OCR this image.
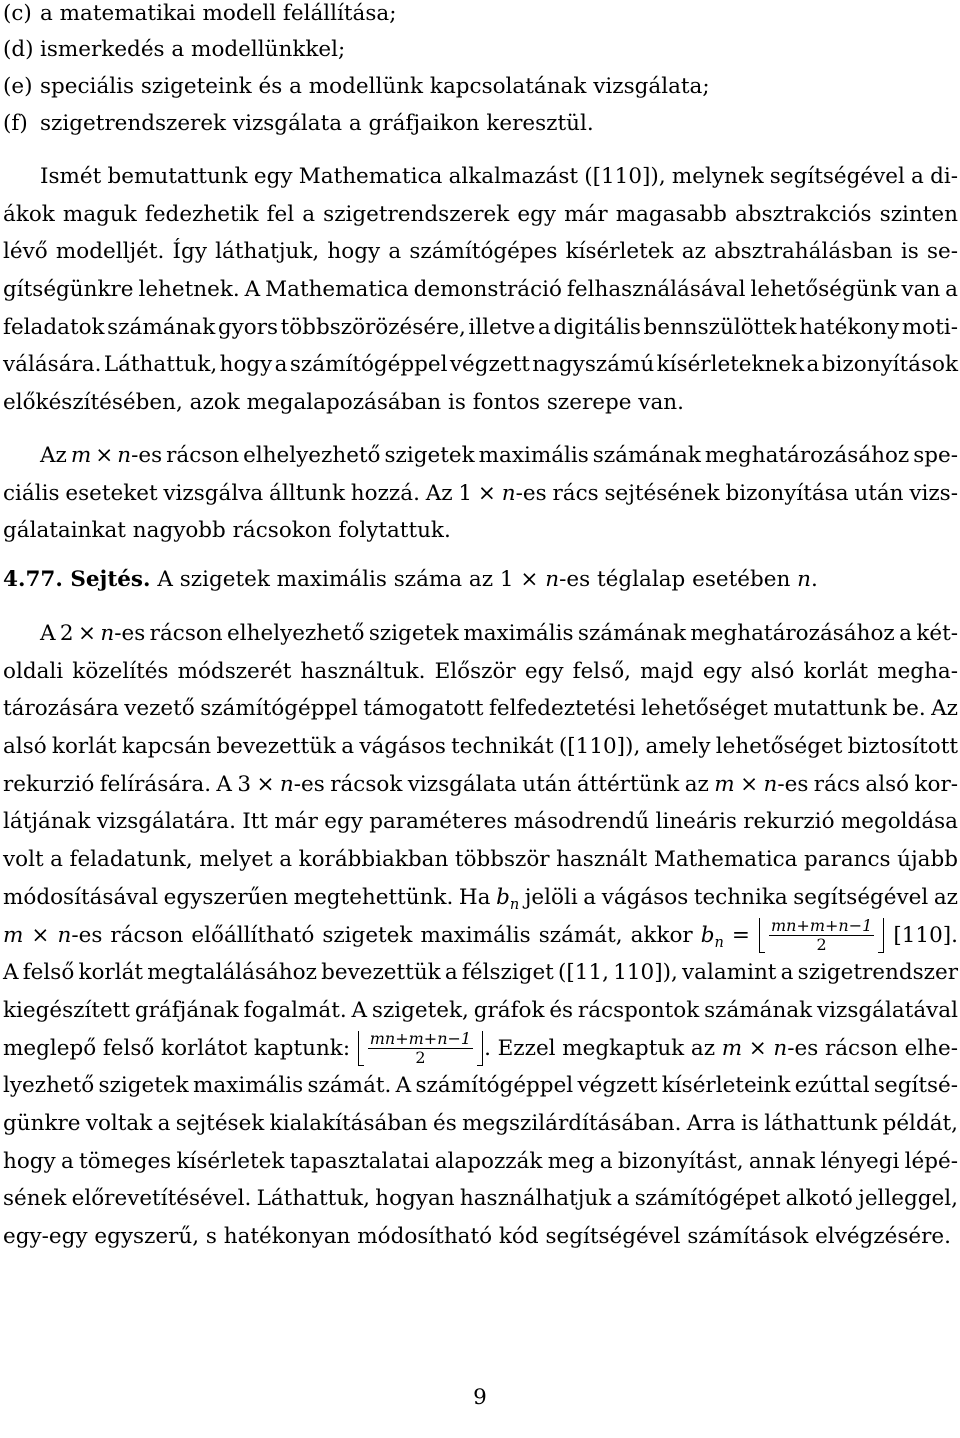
(c) a matematikai modell felállítása;
(d) ismerkedés a modellünkkel;
(e) speciális szigeteink és a modellünk kapcsolatának vizsgálata;
(f) szigetrendszerek vizsgálata a gráfjaikon keresztül.
Ismét bemutattunk egy Mathematica alkalmazást ([110]), melynek segítségével a di-
ákok maguk fedezhetik fel a szigetrendszerek egy már magasabb absztrakciós szinten
lévő modelljét. Így láthatjuk, hogy a számítógépes kísérletek az absztrahálásban is se-
gítségünkre lehetnek. A Mathematica demonstráció felhasználásával lehetőségünk van a
feladatok számának gyors többszörözésére, illetve a digitális bennszülöttek hatékony moti-
válására. Láthattuk, hogy a számítógéppel végzett nagyszámú kísérleteknek a bizonyítások
előkészítésében, azok megalapozásában is fontos szerepe van.
Az m × n-es rácson elhelyezhető szigetek maximális számának meghatározásához spe-
ciális eseteket vizsgálva álltunk hozzá. Az 1 × n-es rács sejtésének bizonyítása után vizs-
gálatainkat nagyobb rácsokon folytattuk.
4.77. Sejtés. A szigetek maximális száma az 1 × n-es téglalap esetében n.
A 2 × n-es rácson elhelyezhető szigetek maximális számának meghatározásához a két-
oldali közelítés módszerét használtuk. Először egy felső, majd egy alsó korlát megha-
tározására vezető számítógéppel támogatott felfedeztetési lehetőséget mutattunk be. Az
alsó korlát kapcsán bevezettük a vágásos technikát ([110]), amely lehetőséget biztosított
rekurzió felírására. A 3 × n-es rácsok vizsgálata után áttértünk az m × n-es rács alsó kor-
látjának vizsgálatára. Itt már egy paraméteres másodrendű lineáris rekurzió megoldása
volt a feladatunk, melyet a korábbiakban többször használt Mathematica parancs újabb
módosításával egyszerűen megtehettünk. Ha $b_n$ jelöli a vágásos technika segítségével az
m × n-es rácson előállítható szigetek maximális számát, akkor $b_n = \frac{mn+m+n-1}{2} [110]$.
A felső korlát megtalálásához bevezettük a félsziget ([11, 110]), valamint a szigetrendszer
kiegészített gráfjának fogalmát. A szigetek, gráfok és rácspontok számának vizsgálatával
meglepő felső korlátot kaptunk: $\frac{mn+m+n-1}{2}$ . Ezzel megkaptuk az m × n-es rácson elhe-
lyezhető szigetek maximális számát. A számítógéppel végzett kísérleteink ezúttal segítsé-
günkre voltak a sejtések kialakításában és megszilárdításában. Arra is láthattunk példát,
hogy a tömeges kísérletek tapasztalatai alapozzák meg a bizonyítást, annak lényegi lépé-
sének előrevetítésével. Láthattuk, hogyan használhatjuk a számítógépet alkotó jelleggel,
egy-egy egyszerű, s hatékonyan módosítható kód segítségével számítások elvégzésére.
9
